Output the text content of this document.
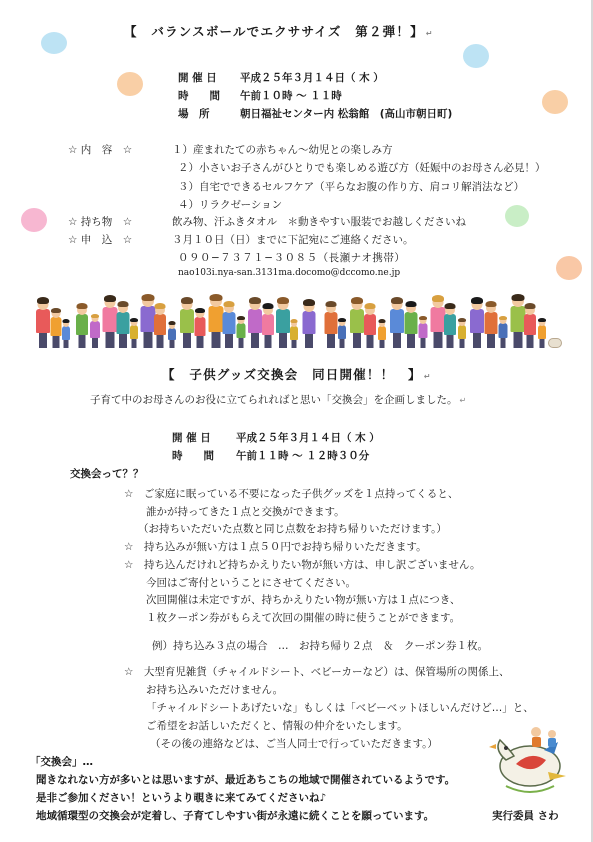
【　バランスボールでエクササイズ　第２弾！】 ↵
開 催 日 平成２５年３月１４日（ 木 ）
時　　間 午前１０時 〜 １１時
場　所	朝日福祉センター内 松翁館　(高山市朝日町)
☆ 内　容　☆	１）産まれたての赤ちゃん〜幼児との楽しみ方
２）小さいお子さんがひとりでも楽しめる遊び方（妊娠中のお母さん必見！）
３）自宅でできるセルフケア（平らなお腹の作り方、肩コリ解消法など）
４）リラクゼーション
☆ 持ち物　☆	飲み物、汗ふきタオル　＊動きやすい服装でお越しくださいね
☆ 申　込　☆	３月１０日（日）までに下記宛にご連絡ください。
０９０−７３７１−３０８５（長瀬ナオ携帯）
nao103i.nya-san.3131ma.docomo@dccomo.ne.jp
【　子供グッズ交換会　同日開催！！　】 ↵
子育て中のお母さんのお役に立てられればと思い「交換会」を企画しました。 ↵
開 催 日 平成２５年３月１４日（ 木 ）
時　　間 午前１１時 〜 １２時３０分
交換会って？？
☆　ご家庭に眠っている不要になった子供グッズを１点持ってくると、
誰かが持ってきた１点と交換ができます。
（お持ちいただいた点数と同じ点数をお持ち帰りいただけます。）
☆　持ち込みが無い方は１点５０円でお持ち帰りいただきます。
☆　持ち込んだけれど持ちかえりたい物が無い方は、申し訳ございません。
今回はご寄付ということにさせてください。
次回開催は未定ですが、持ちかえりたい物が無い方は１点につき、
１枚クーポン券がもらえて次回の開催の時に使うことができます。
例）持ち込み３点の場合　…　お持ち帰り２点　＆　クーポン券１枚。
☆　大型育児雑貨（チャイルドシート、ベビーカーなど）は、保管場所の関係上、
お持ち込みいただけません。
「チャイルドシートあげたいな」もしくは「ベビーベットほしいんだけど…」と、
ご希望をお話しいただくと、情報の仲介をいたします。
（その後の連絡などは、ご当人同士で行っていただきます。）
「交換会」…
聞きなれない方が多いとは思いますが、最近あちこちの地域で開催されているようです。
是非ご参加ください！というより覗きに来てみてくださいね♪
地域循環型の交換会が定着し、子育てしやすい街が永遠に続くことを願っています。	実行委員 さわ
